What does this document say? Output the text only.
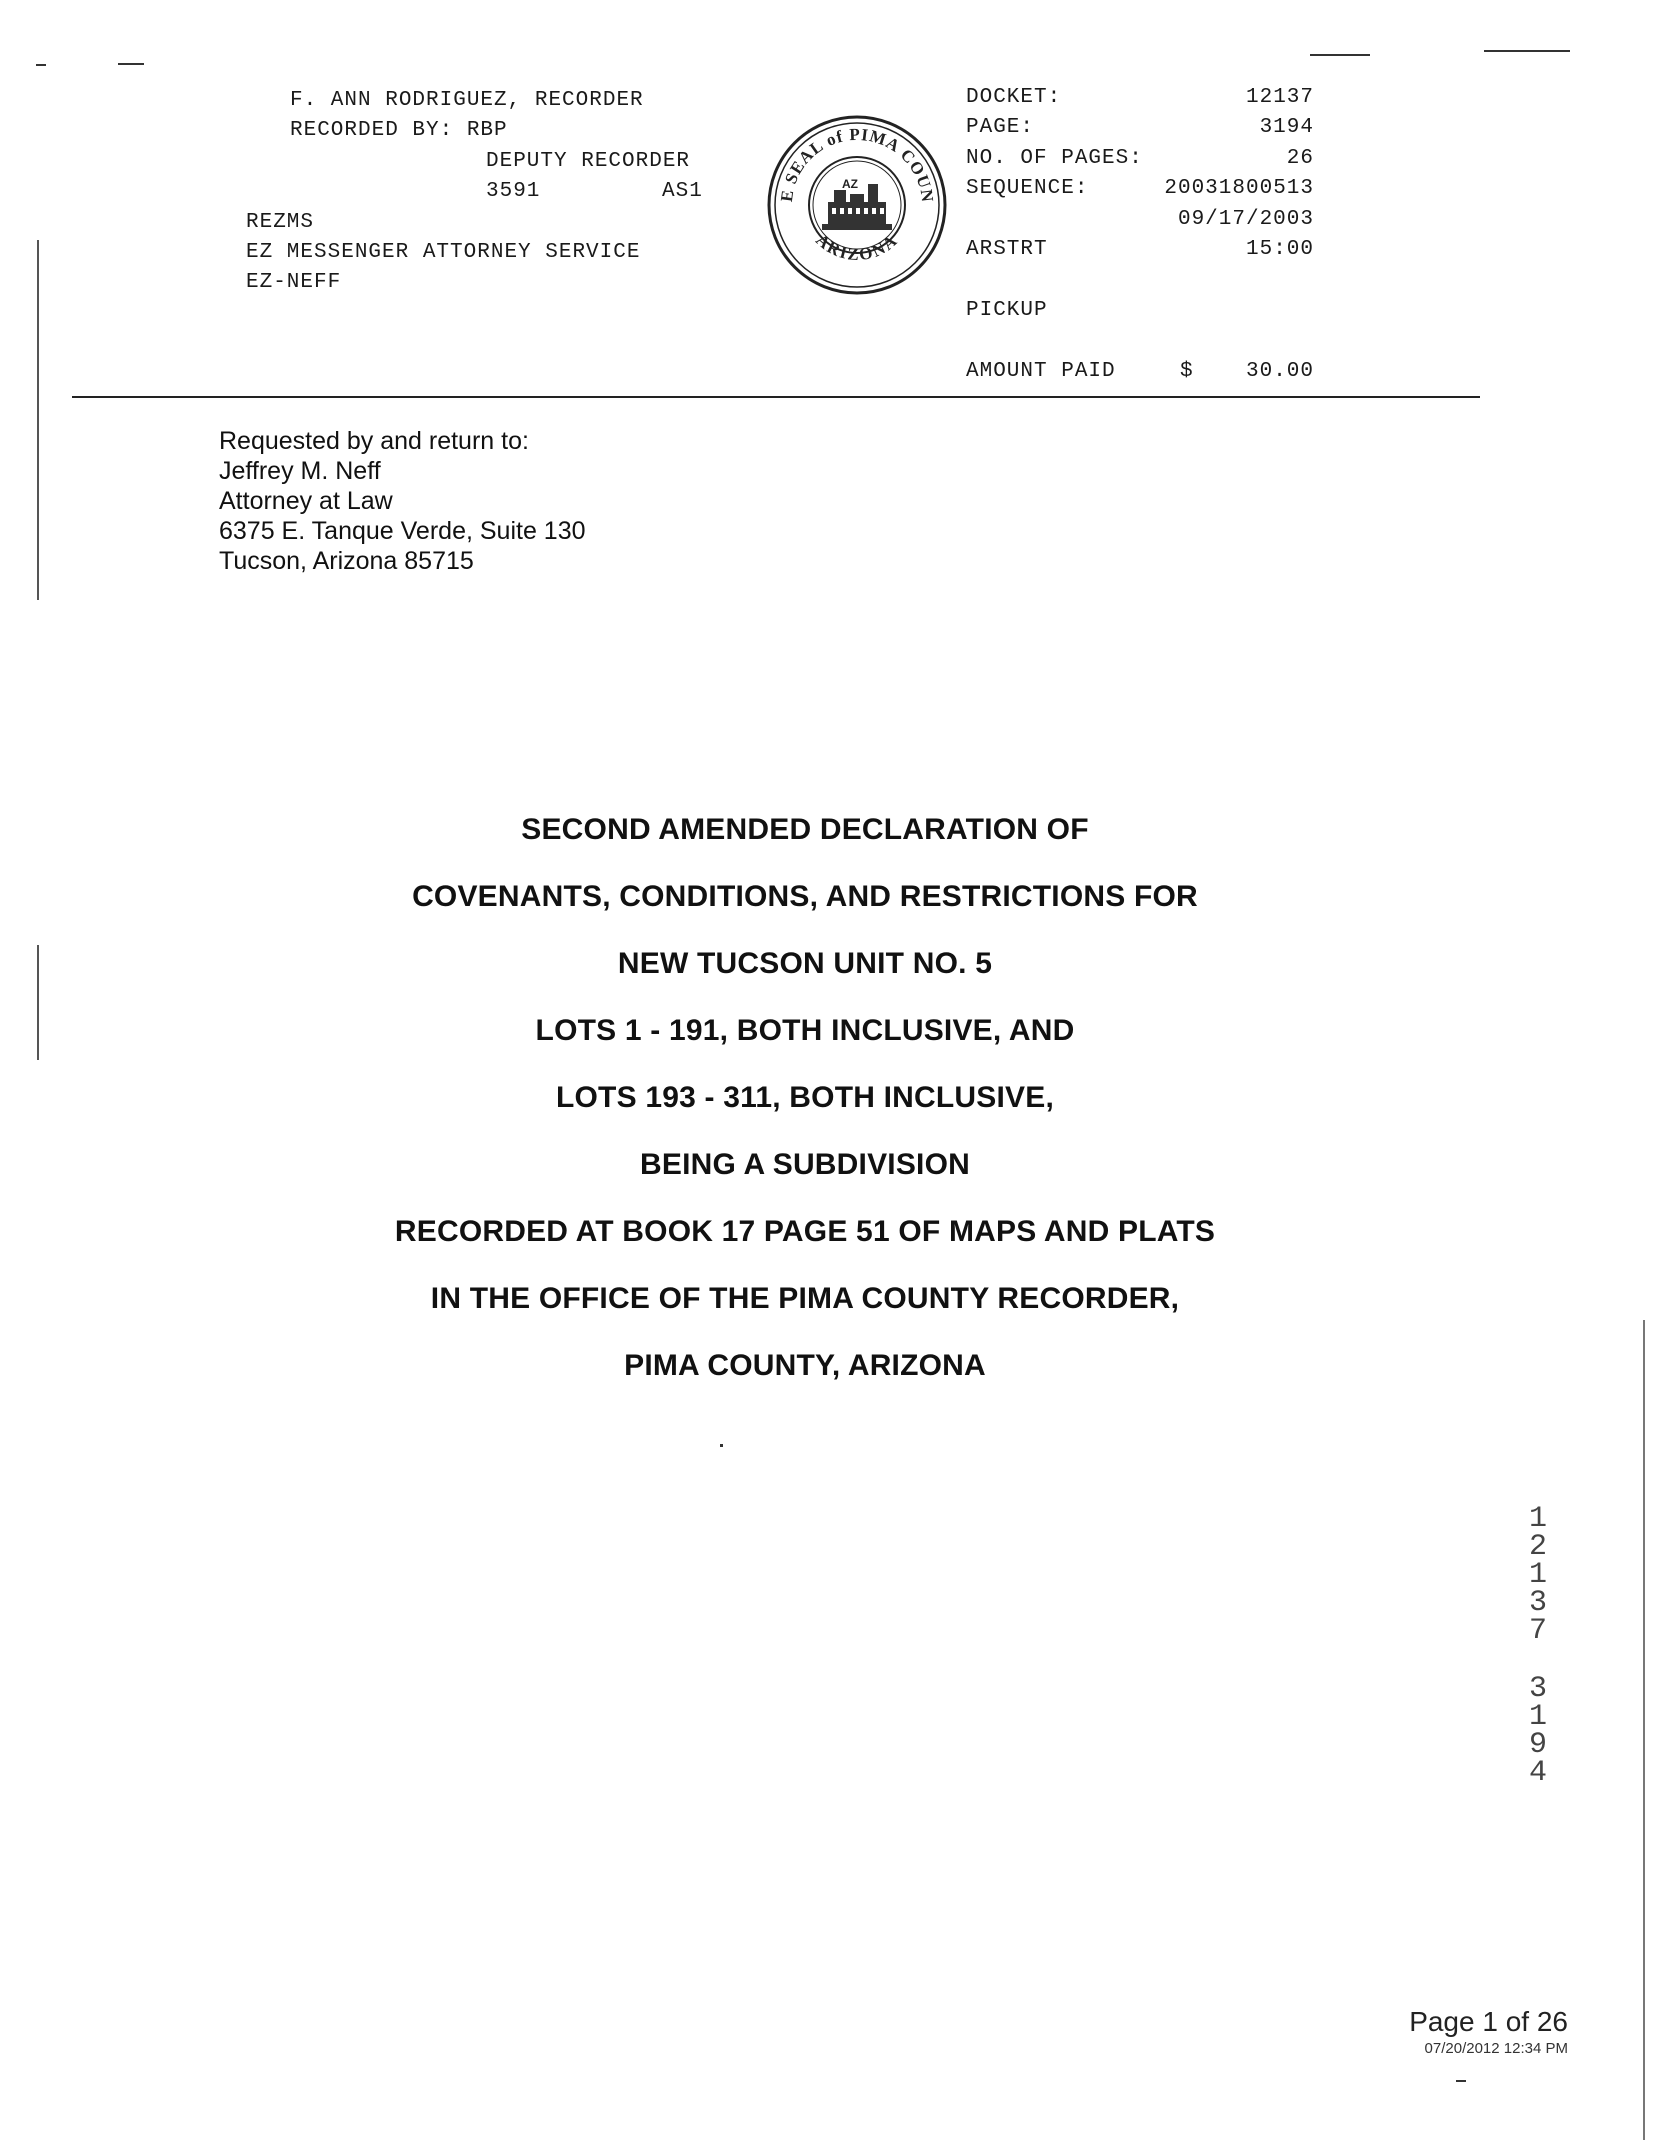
F. ANN RODRIGUEZ, RECORDER
RECORDED BY: RBP
DEPUTY RECORDER
3591	AS1
REZMS
EZ MESSENGER ATTORNEY SERVICE
EZ-NEFF
E SEAL of PIMA COUN
ARIZONA
AZ
DOCKET:	12137
PAGE:	3194
NO. OF PAGES:	26
SEQUENCE:	20031800513
09/17/2003
ARSTRT	15:00
PICKUP
AMOUNT PAID	$	30.00
Requested by and return to:
Jeffrey M. Neff
Attorney at Law
6375 E. Tanque Verde, Suite 130
Tucson, Arizona 85715
SECOND AMENDED DECLARATION OF
COVENANTS, CONDITIONS, AND RESTRICTIONS FOR
NEW TUCSON UNIT NO. 5
LOTS 1 - 191, BOTH INCLUSIVE, AND
LOTS 193 - 311, BOTH INCLUSIVE,
BEING A SUBDIVISION
RECORDED AT BOOK 17 PAGE 51 OF MAPS AND PLATS
IN THE OFFICE OF THE PIMA COUNTY RECORDER,
PIMA COUNTY, ARIZONA
1
2
1
3
7
3
1
9
4
Page 1 of 26
07/20/2012 12:34 PM
